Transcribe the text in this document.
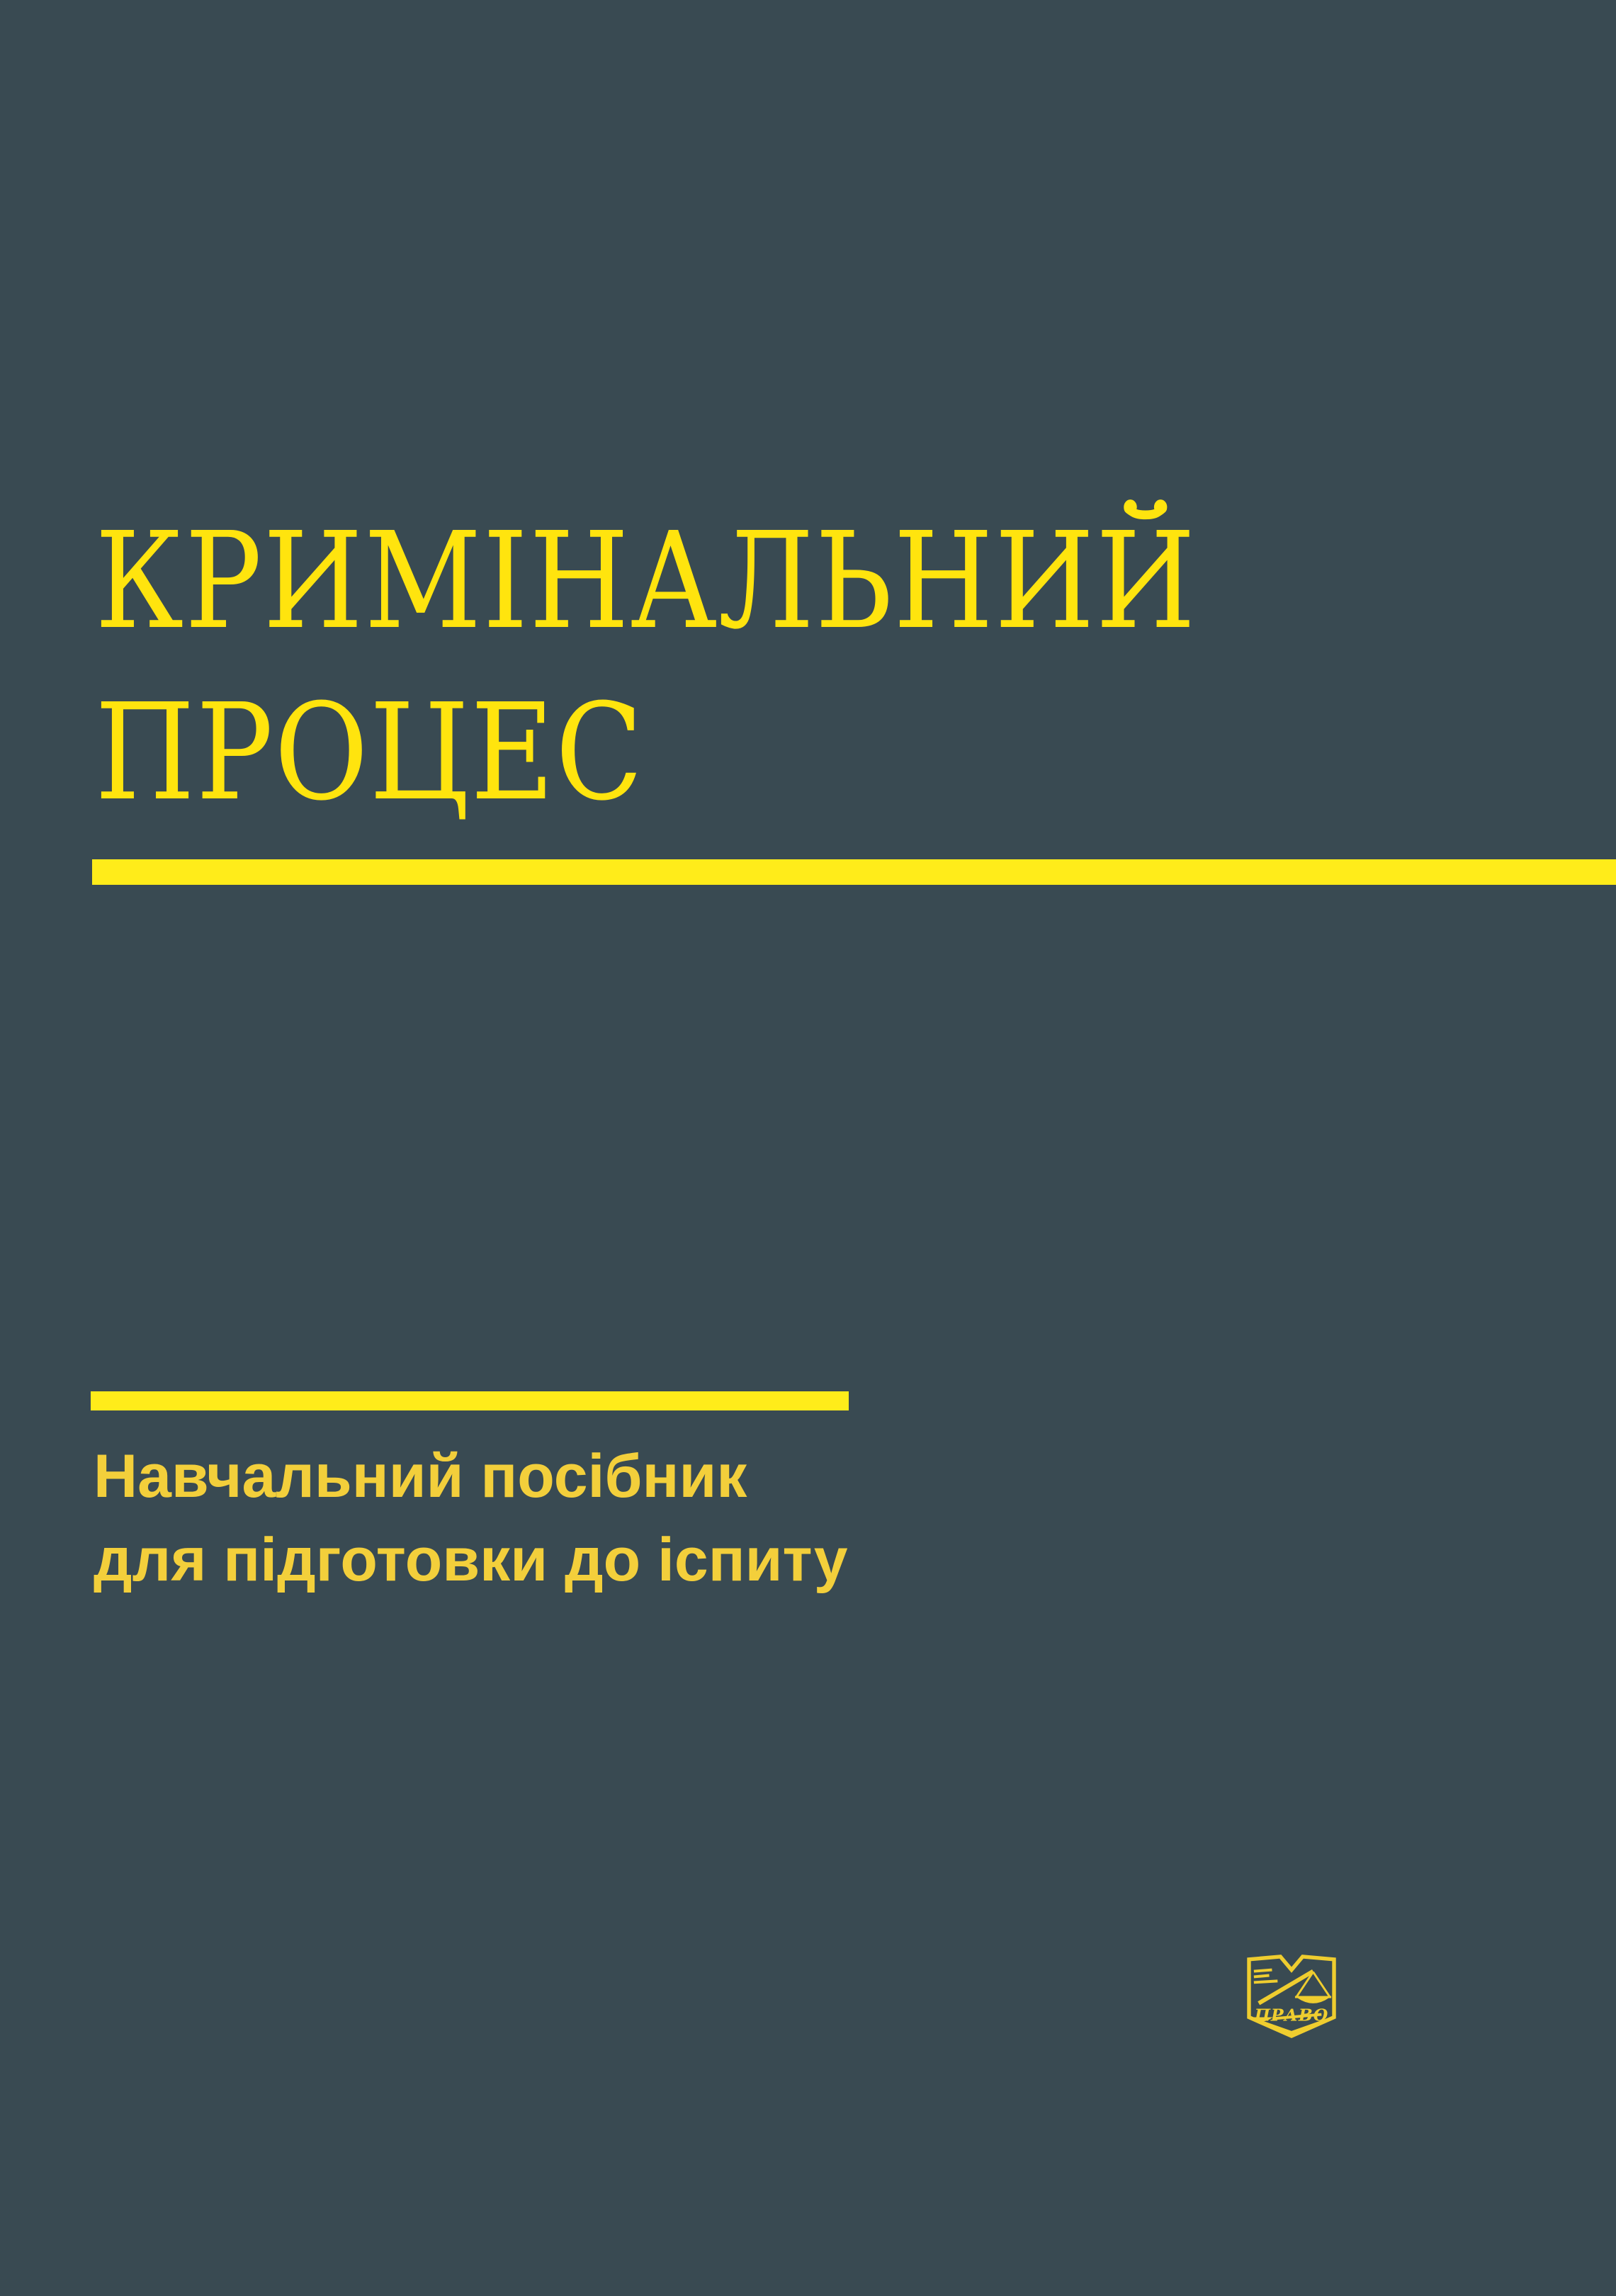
КРИМІНАЛЬНИЙ
ПРОЦЕС
Навчальний посібник
для підготовки до іспиту
ПРАВО
